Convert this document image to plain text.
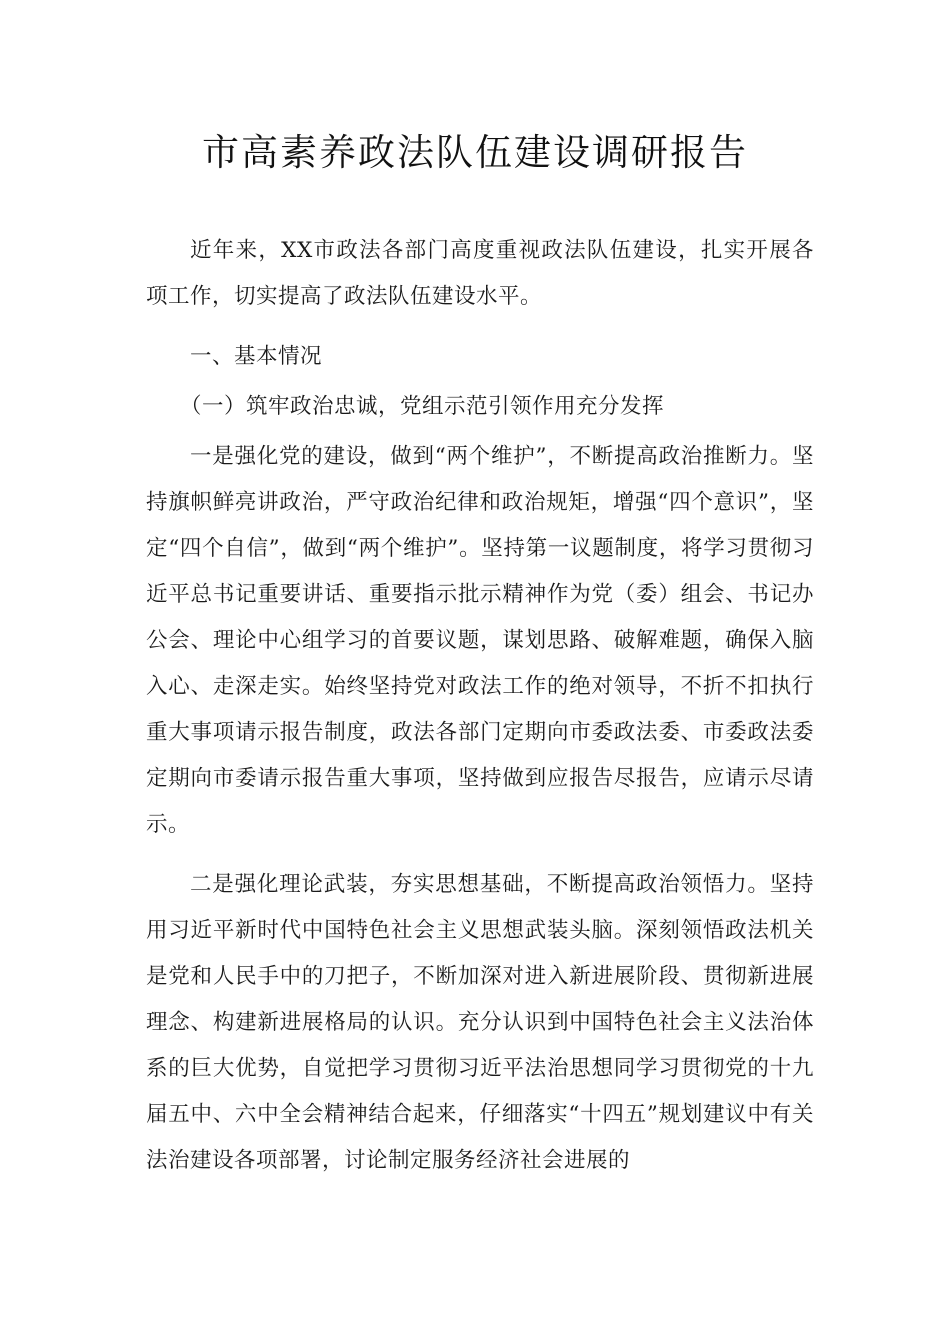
市高素养政法队伍建设调研报告

近年来，XX市政法各部门高度重视政法队伍建设，扎实开展各项工作，切实提高了政法队伍建设水平。

一、基本情况

（一）筑牢政治忠诚，党组示范引领作用充分发挥

一是强化党的建设，做到“两个维护”，不断提高政治推断力。坚持旗帜鲜亮讲政治，严守政治纪律和政治规矩，增强“四个意识”，坚定“四个自信”，做到“两个维护”。坚持第一议题制度，将学习贯彻习近平总书记重要讲话、重要指示批示精神作为党（委）组会、书记办公会、理论中心组学习的首要议题，谋划思路、破解难题，确保入脑入心、走深走实。始终坚持党对政法工作的绝对领导，不折不扣执行重大事项请示报告制度，政法各部门定期向市委政法委、市委政法委定期向市委请示报告重大事项，坚持做到应报告尽报告，应请示尽请示。

二是强化理论武装，夯实思想基础，不断提高政治领悟力。坚持用习近平新时代中国特色社会主义思想武装头脑。深刻领悟政法机关是党和人民手中的刀把子，不断加深对进入新进展阶段、贯彻新进展理念、构建新进展格局的认识。充分认识到中国特色社会主义法治体系的巨大优势，自觉把学习贯彻习近平法治思想同学习贯彻党的十九届五中、六中全会精神结合起来，仔细落实“十四五”规划建议中有关法治建设各项部署，讨论制定服务经济社会进展的
